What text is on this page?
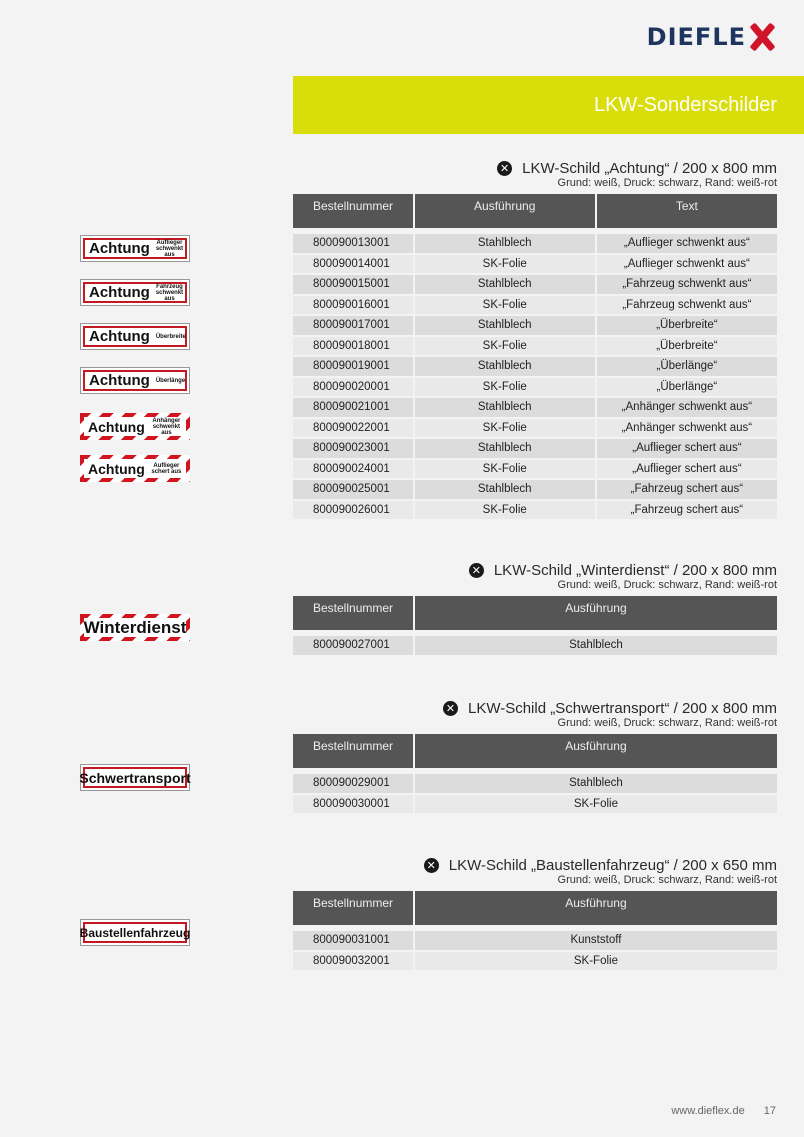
DIEFLE
LKW-Sonderschilder
✕ LKW-Schild „Achtung“ / 200 x 800 mm
Grund: weiß, Druck: schwarz, Rand: weiß-rot
Bestellnummer	Ausführung	Text

800090013001	Stahlblech	„Auflieger schwenkt aus“
800090014001	SK-Folie	„Auflieger schwenkt aus“
800090015001	Stahlblech	„Fahrzeug schwenkt aus“
800090016001	SK-Folie	„Fahrzeug schwenkt aus“
800090017001	Stahlblech	„Überbreite“
800090018001	SK-Folie	„Überbreite“
800090019001	Stahlblech	„Überlänge“
800090020001	SK-Folie	„Überlänge“
800090021001	Stahlblech	„Anhänger schwenkt aus“
800090022001	SK-Folie	„Anhänger schwenkt aus“
800090023001	Stahlblech	„Auflieger schert aus“
800090024001	SK-Folie	„Auflieger schert aus“
800090025001	Stahlblech	„Fahrzeug schert aus“
800090026001	SK-Folie	„Fahrzeug schert aus“
✕ LKW-Schild „Winterdienst“ / 200 x 800 mm
Grund: weiß, Druck: schwarz, Rand: weiß-rot
Bestellnummer	Ausführung

800090027001	Stahlblech
✕ LKW-Schild „Schwertransport“ / 200 x 800 mm
Grund: weiß, Druck: schwarz, Rand: weiß-rot
Bestellnummer	Ausführung

800090029001	Stahlblech
800090030001	SK-Folie
✕ LKW-Schild „Baustellenfahrzeug“ / 200 x 650 mm
Grund: weiß, Druck: schwarz, Rand: weiß-rot
Bestellnummer	Ausführung

800090031001	Kunststoff
800090032001	SK-Folie
Achtung Auflieger schwenkt aus
Achtung Fahrzeug schwenkt aus
Achtung Überbreite
Achtung Überlänge
Achtung Anhänger schwenkt aus
Achtung	Auflieger schert aus
Winterdienst
Schwertransport
Baustellenfahrzeug
www.dieflex.de 17
